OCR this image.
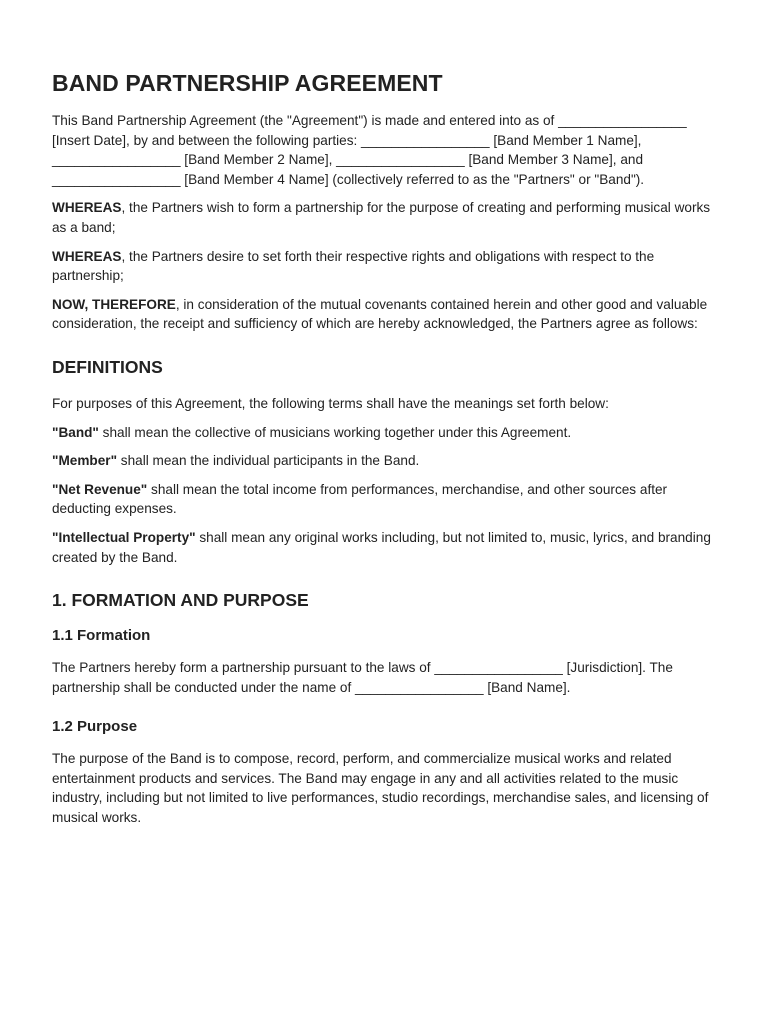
BAND PARTNERSHIP AGREEMENT

This Band Partnership Agreement (the "Agreement") is made and entered into as of _________________ [Insert Date], by and between the following parties: _________________ [Band Member 1 Name], _________________ [Band Member 2 Name], _________________ [Band Member 3 Name], and _________________ [Band Member 4 Name] (collectively referred to as the "Partners" or "Band").

WHEREAS, the Partners wish to form a partnership for the purpose of creating and performing musical works as a band;

WHEREAS, the Partners desire to set forth their respective rights and obligations with respect to the partnership;

NOW, THEREFORE, in consideration of the mutual covenants contained herein and other good and valuable consideration, the receipt and sufficiency of which are hereby acknowledged, the Partners agree as follows:

DEFINITIONS

For purposes of this Agreement, the following terms shall have the meanings set forth below:

"Band" shall mean the collective of musicians working together under this Agreement.

"Member" shall mean the individual participants in the Band.

"Net Revenue" shall mean the total income from performances, merchandise, and other sources after deducting expenses.

"Intellectual Property" shall mean any original works including, but not limited to, music, lyrics, and branding created by the Band.

1. FORMATION AND PURPOSE
1.1 Formation

The Partners hereby form a partnership pursuant to the laws of _________________ [Jurisdiction]. The partnership shall be conducted under the name of _________________ [Band Name].

1.2 Purpose

The purpose of the Band is to compose, record, perform, and commercialize musical works and related entertainment products and services. The Band may engage in any and all activities related to the music industry, including but not limited to live performances, studio recordings, merchandise sales, and licensing of musical works.
